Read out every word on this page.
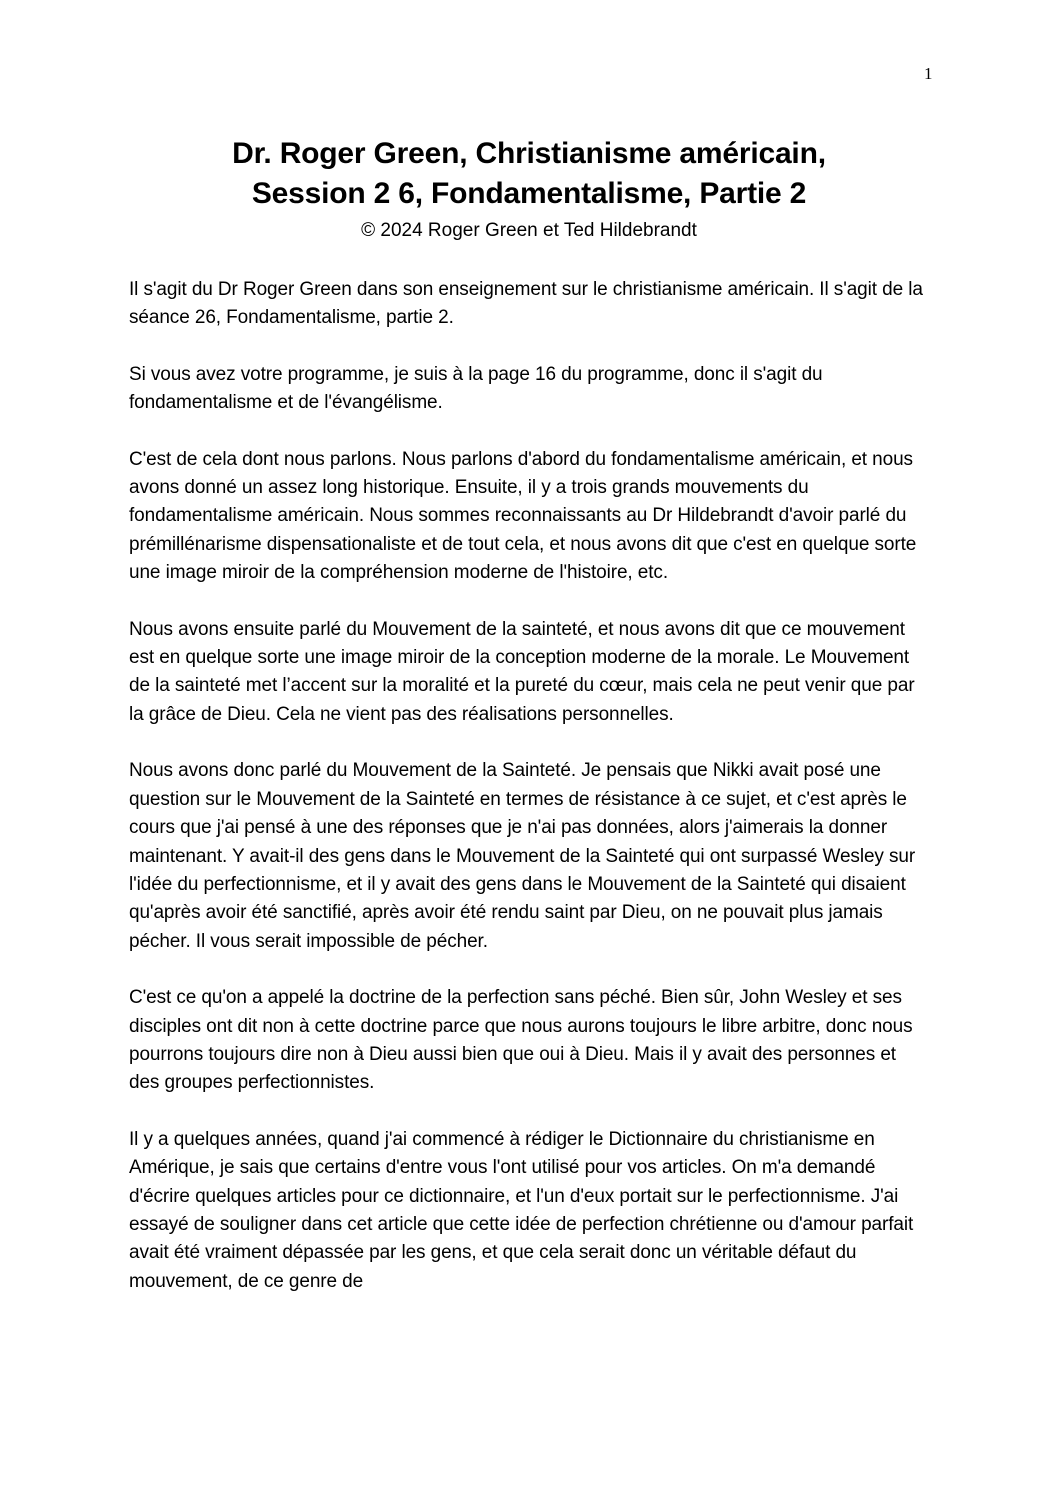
1
Dr. Roger Green, Christianisme américain,
Session 2 6, Fondamentalisme, Partie 2
© 2024 Roger Green et Ted Hildebrandt

Il s'agit du Dr Roger Green dans son enseignement sur le christianisme américain. Il s'agit de la séance 26, Fondamentalisme, partie 2.

Si vous avez votre programme, je suis à la page 16 du programme, donc il s'agit du fondamentalisme et de l'évangélisme.

C'est de cela dont nous parlons. Nous parlons d'abord du fondamentalisme américain, et nous avons donné un assez long historique. Ensuite, il y a trois grands mouvements du fondamentalisme américain. Nous sommes reconnaissants au Dr Hildebrandt d'avoir parlé du prémillénarisme dispensationaliste et de tout cela, et nous avons dit que c'est en quelque sorte une image miroir de la compréhension moderne de l'histoire, etc.

Nous avons ensuite parlé du Mouvement de la sainteté, et nous avons dit que ce mouvement est en quelque sorte une image miroir de la conception moderne de la morale. Le Mouvement de la sainteté met l’accent sur la moralité et la pureté du cœur, mais cela ne peut venir que par la grâce de Dieu. Cela ne vient pas des réalisations personnelles.

Nous avons donc parlé du Mouvement de la Sainteté. Je pensais que Nikki avait posé une question sur le Mouvement de la Sainteté en termes de résistance à ce sujet, et c'est après le cours que j'ai pensé à une des réponses que je n'ai pas données, alors j'aimerais la donner maintenant. Y avait-il des gens dans le Mouvement de la Sainteté qui ont surpassé Wesley sur l'idée du perfectionnisme, et il y avait des gens dans le Mouvement de la Sainteté qui disaient qu'après avoir été sanctifié, après avoir été rendu saint par Dieu, on ne pouvait plus jamais pécher. Il vous serait impossible de pécher.

C'est ce qu'on a appelé la doctrine de la perfection sans péché. Bien sûr, John Wesley et ses disciples ont dit non à cette doctrine parce que nous aurons toujours le libre arbitre, donc nous pourrons toujours dire non à Dieu aussi bien que oui à Dieu. Mais il y avait des personnes et des groupes perfectionnistes.

Il y a quelques années, quand j'ai commencé à rédiger le Dictionnaire du christianisme en Amérique, je sais que certains d'entre vous l'ont utilisé pour vos articles. On m'a demandé d'écrire quelques articles pour ce dictionnaire, et l'un d'eux portait sur le perfectionnisme. J'ai essayé de souligner dans cet article que cette idée de perfection chrétienne ou d'amour parfait avait été vraiment dépassée par les gens, et que cela serait donc un véritable défaut du mouvement, de ce genre de
